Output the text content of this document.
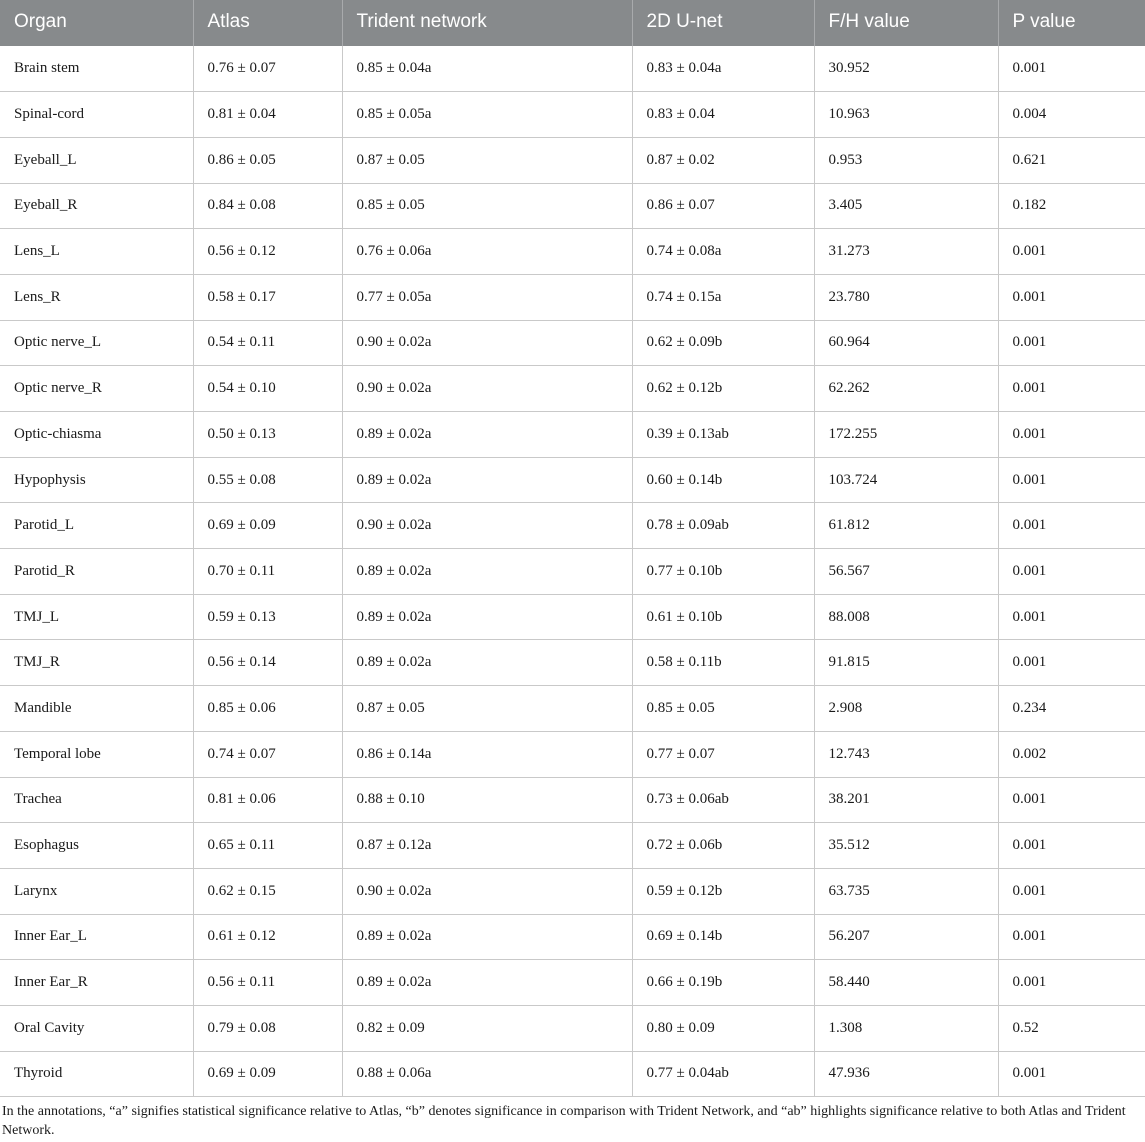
Organ	Atlas	Trident network	2D U-net	F/H value	P value
Brain stem	0.76 ± 0.07	0.85 ± 0.04a	0.83 ± 0.04a	30.952	0.001
Spinal-cord	0.81 ± 0.04	0.85 ± 0.05a	0.83 ± 0.04	10.963	0.004
Eyeball_L	0.86 ± 0.05	0.87 ± 0.05	0.87 ± 0.02	0.953	0.621
Eyeball_R	0.84 ± 0.08	0.85 ± 0.05	0.86 ± 0.07	3.405	0.182
Lens_L	0.56 ± 0.12	0.76 ± 0.06a	0.74 ± 0.08a	31.273	0.001
Lens_R	0.58 ± 0.17	0.77 ± 0.05a	0.74 ± 0.15a	23.780	0.001
Optic nerve_L	0.54 ± 0.11	0.90 ± 0.02a	0.62 ± 0.09b	60.964	0.001
Optic nerve_R	0.54 ± 0.10	0.90 ± 0.02a	0.62 ± 0.12b	62.262	0.001
Optic-chiasma	0.50 ± 0.13	0.89 ± 0.02a	0.39 ± 0.13ab	172.255	0.001
Hypophysis	0.55 ± 0.08	0.89 ± 0.02a	0.60 ± 0.14b	103.724	0.001
Parotid_L	0.69 ± 0.09	0.90 ± 0.02a	0.78 ± 0.09ab	61.812	0.001
Parotid_R	0.70 ± 0.11	0.89 ± 0.02a	0.77 ± 0.10b	56.567	0.001
TMJ_L	0.59 ± 0.13	0.89 ± 0.02a	0.61 ± 0.10b	88.008	0.001
TMJ_R	0.56 ± 0.14	0.89 ± 0.02a	0.58 ± 0.11b	91.815	0.001
Mandible	0.85 ± 0.06	0.87 ± 0.05	0.85 ± 0.05	2.908	0.234
Temporal lobe	0.74 ± 0.07	0.86 ± 0.14a	0.77 ± 0.07	12.743	0.002
Trachea	0.81 ± 0.06	0.88 ± 0.10	0.73 ± 0.06ab	38.201	0.001
Esophagus	0.65 ± 0.11	0.87 ± 0.12a	0.72 ± 0.06b	35.512	0.001
Larynx	0.62 ± 0.15	0.90 ± 0.02a	0.59 ± 0.12b	63.735	0.001
Inner Ear_L	0.61 ± 0.12	0.89 ± 0.02a	0.69 ± 0.14b	56.207	0.001
Inner Ear_R	0.56 ± 0.11	0.89 ± 0.02a	0.66 ± 0.19b	58.440	0.001
Oral Cavity	0.79 ± 0.08	0.82 ± 0.09	0.80 ± 0.09	1.308	0.52
Thyroid	0.69 ± 0.09	0.88 ± 0.06a	0.77 ± 0.04ab	47.936	0.001
In the annotations, “a” signifies statistical significance relative to Atlas, “b” denotes significance in comparison with Trident Network, and “ab” highlights significance relative to both Atlas and Trident Network.
